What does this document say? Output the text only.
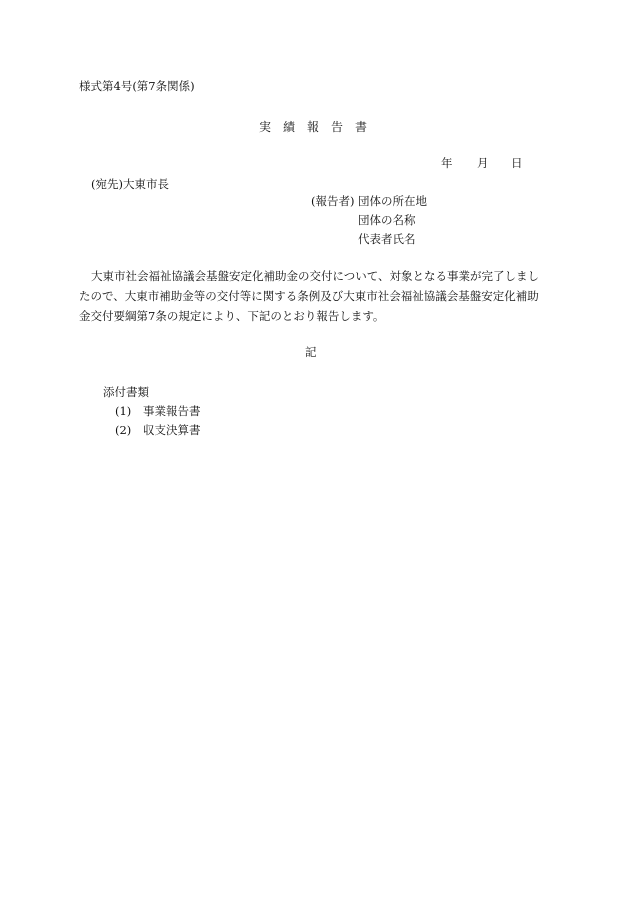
様式第4号(第7条関係)
実　績　報　告　書
年 月 日
(宛先)大東市長
(報告者) 団体の所在地
団体の名称
代表者氏名
大東市社会福祉協議会基盤安定化補助金の交付について、対象となる事業が完了しまし
たので、大東市補助金等の交付等に関する条例及び大東市社会福祉協議会基盤安定化補助
金交付要綱第7条の規定により、下記のとおり報告します。
記
添付書類
(1) 事業報告書
(2) 収支決算書
